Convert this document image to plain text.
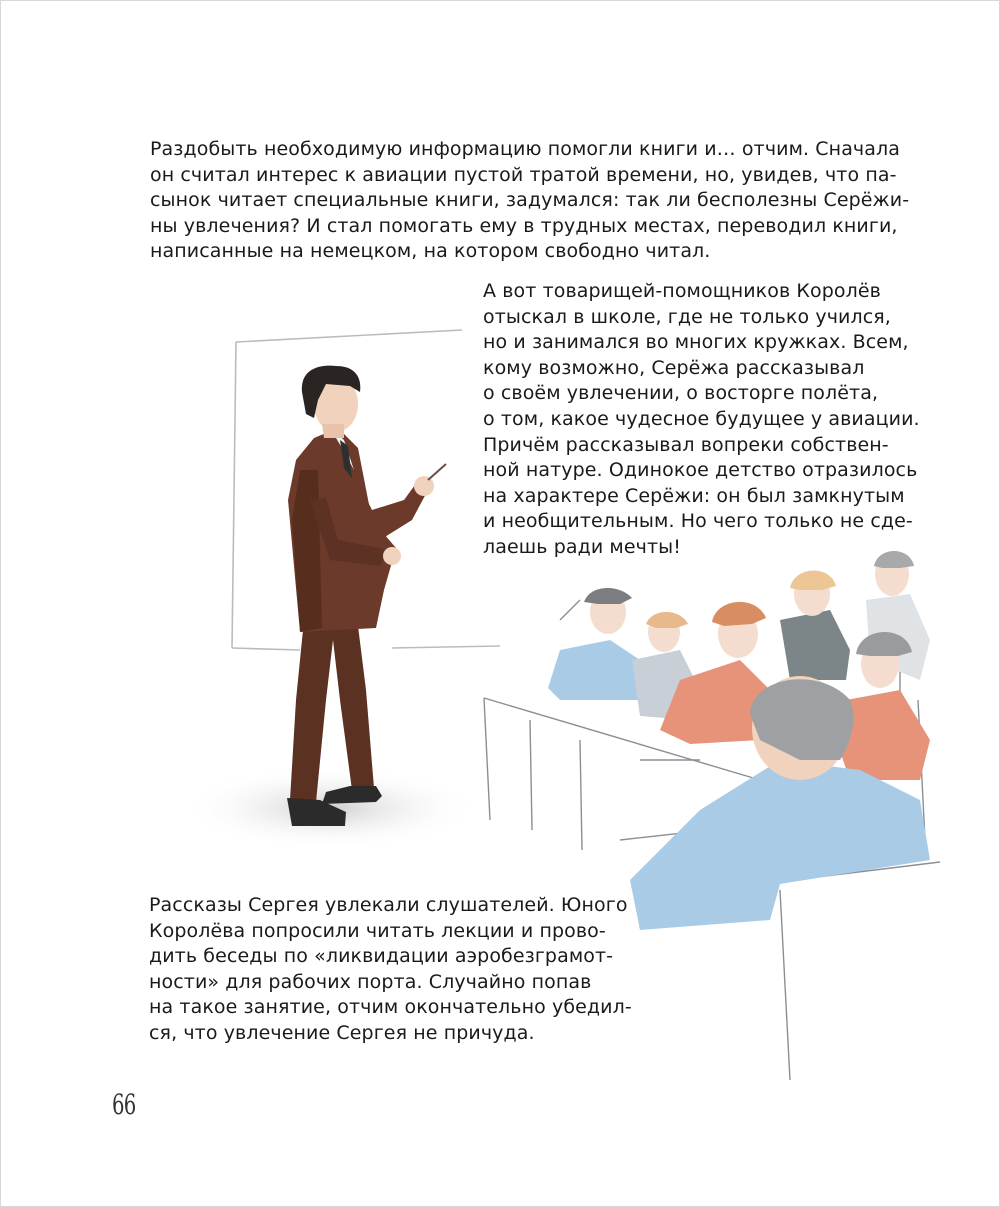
Раздобыть необходимую информацию помогли книги и… отчим. Сначала
он считал интерес к авиации пустой тратой времени, но, увидев, что па-
сынок читает специальные книги, задумался: так ли бесполезны Серёжи-
ны увлечения? И стал помогать ему в трудных местах, переводил книги,
написанные на немецком, на котором свободно читал.
А вот товарищей-помощников Королёв
отыскал в школе, где не только учился,
но и занимался во многих кружках. Всем,
кому возможно, Серёжа рассказывал
о своём увлечении, о восторге полёта,
о том, какое чудесное будущее у авиации.
Причём рассказывал вопреки собствен-
ной натуре. Одинокое детство отразилось
на характере Серёжи: он был замкнутым
и необщительным. Но чего только не сде-
лаешь ради мечты!
Рассказы Сергея увлекали слушателей. Юного
Королёва попросили читать лекции и прово-
дить беседы по «ликвидации аэробезграмот-
ности» для рабочих порта. Случайно попав
на такое занятие, отчим окончательно убедил-
ся, что увлечение Сергея не причуда.
66
